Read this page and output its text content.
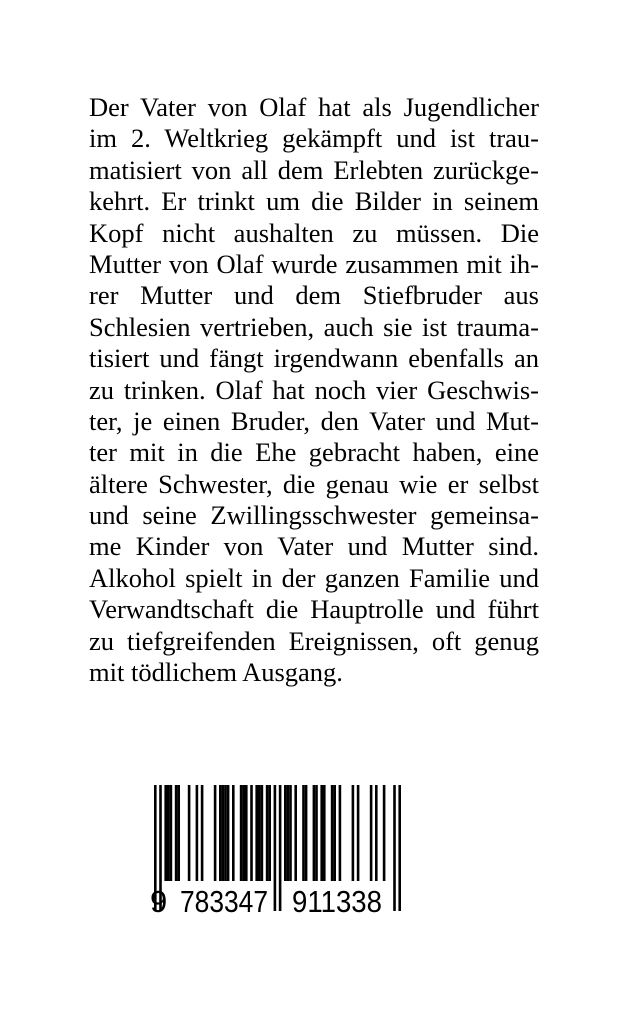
Der Vater von Olaf hat als Jugendlicher
im 2. Weltkrieg gekämpft und ist trau-
matisiert von all dem Erlebten zurückge-
kehrt. Er trinkt um die Bilder in seinem
Kopf nicht aushalten zu müssen. Die
Mutter von Olaf wurde zusammen mit ih-
rer Mutter und dem Stiefbruder aus
Schlesien vertrieben, auch sie ist trauma-
tisiert und fängt irgendwann ebenfalls an
zu trinken. Olaf hat noch vier Geschwis-
ter, je einen Bruder, den Vater und Mut-
ter mit in die Ehe gebracht haben, eine
ältere Schwester, die genau wie er selbst
und seine Zwillingsschwester gemeinsa-
me Kinder von Vater und Mutter sind.
Alkohol spielt in der ganzen Familie und
Verwandtschaft die Hauptrolle und führt
zu tiefgreifenden Ereignissen, oft genug
mit tödlichem Ausgang.
9 783347 911338
